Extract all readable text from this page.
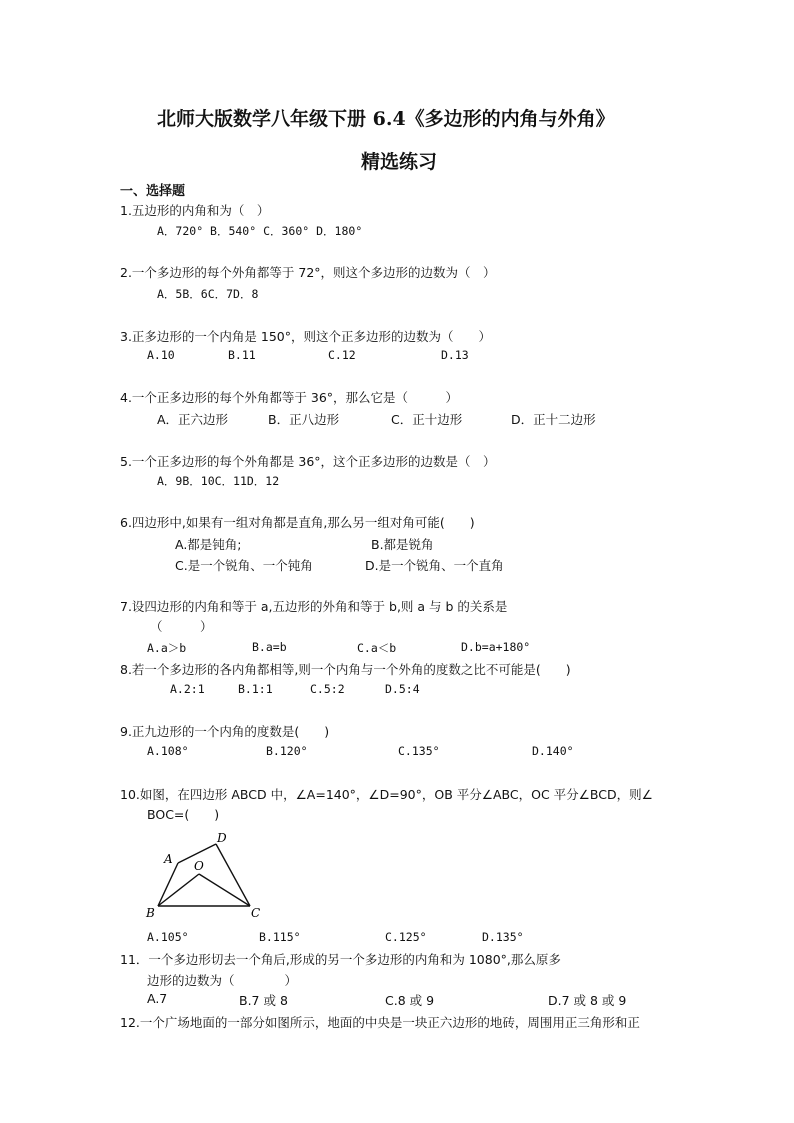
北师大版数学八年级下册 6.4《多边形的内角与外角》
精选练习
一、选择题
1.五边形的内角和为（　）
A．720° B．540° C．360° D．180°
2.一个多边形的每个外角都等于 72°，则这个多边形的边数为（　）
A．5B．6C．7D．8
3.正多边形的一个内角是 150°，则这个正多边形的边数为（　　）
A.10	B.11	C.12	D.13
4.一个正多边形的每个外角都等于 36°，那么它是（　　　）
A．正六边形	B．正八边形	C．正十边形	D．正十二边形
5.一个正多边形的每个外角都是 36°，这个正多边形的边数是（　）
A．9B．10C．11D．12
6.四边形中,如果有一组对角都是直角,那么另一组对角可能(　　)
A.都是钝角;	B.都是锐角
C.是一个锐角、一个钝角	D.是一个锐角、一个直角
7.设四边形的内角和等于 a,五边形的外角和等于 b,则 a 与 b 的关系是
（　　　）
A.a＞b	B.a=b	C.a＜b	D.b=a+180°
8.若一个多边形的各内角都相等,则一个内角与一个外角的度数之比不可能是(　　)
A.2:1	B.1:1	C.5:2	D.5:4
9.正九边形的一个内角的度数是(　　)
A.108°	B.120°	C.135°	D.140°
10.如图，在四边形 ABCD 中，∠A=140°，∠D=90°，OB 平分∠ABC，OC 平分∠BCD，则∠
BOC=(　　)
A
B	C
D
O
A.105°	B.115°	C.125°	D.135°
11．一个多边形切去一个角后,形成的另一个多边形的内角和为 1080°,那么原多
边形的边数为（　　　　）
A.7	B.7 或 8	C.8 或 9	D.7 或 8 或 9
12.一个广场地面的一部分如图所示，地面的中央是一块正六边形的地砖，周围用正三角形和正
